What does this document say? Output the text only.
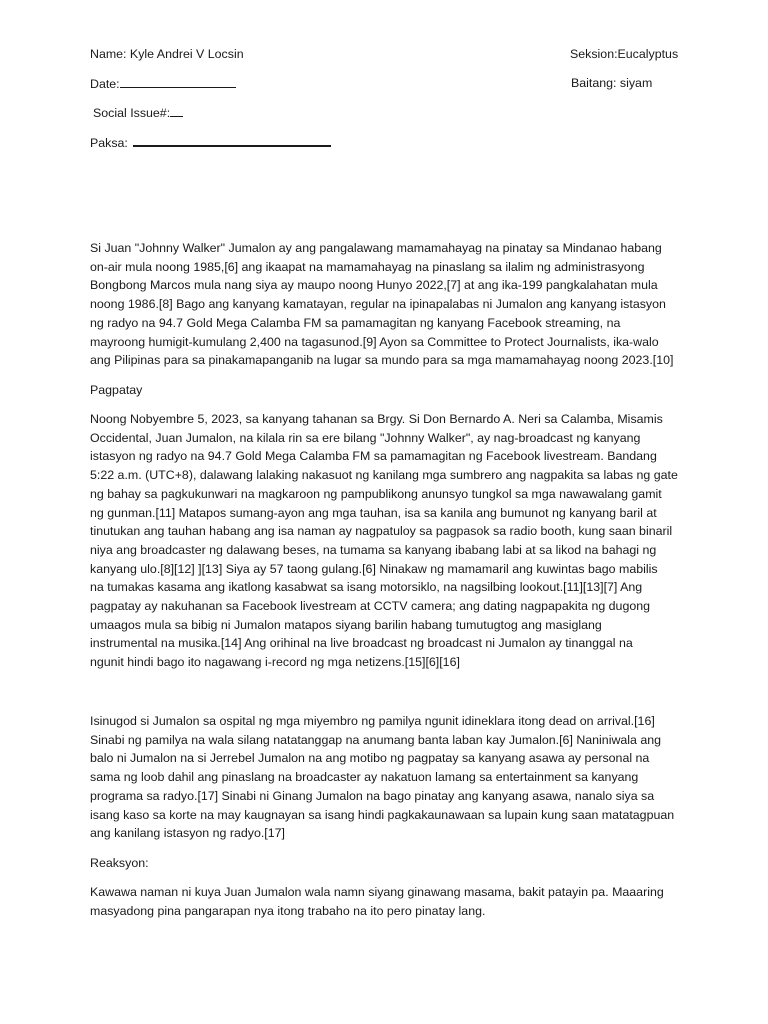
Name: Kyle Andrei V Locsin	Seksion:Eucalyptus
Date:	Baitang: siyam
Social Issue#:
Paksa:

Si Juan "Johnny Walker" Jumalon ay ang pangalawang mamamahayag na pinatay sa Mindanao habang

on-air mula noong 1985,[6] ang ikaapat na mamamahayag na pinaslang sa ilalim ng administrasyong

Bongbong Marcos mula nang siya ay maupo noong Hunyo 2022,[7] at ang ika-199 pangkalahatan mula

noong 1986.[8] Bago ang kanyang kamatayan, regular na ipinapalabas ni Jumalon ang kanyang istasyon

ng radyo na 94.7 Gold Mega Calamba FM sa pamamagitan ng kanyang Facebook streaming, na

mayroong humigit-kumulang 2,400 na tagasunod.[9] Ayon sa Committee to Protect Journalists, ika-walo

ang Pilipinas para sa pinakamapanganib na lugar sa mundo para sa mga mamamahayag noong 2023.[10]

Pagpatay

Noong Nobyembre 5, 2023, sa kanyang tahanan sa Brgy. Si Don Bernardo A. Neri sa Calamba, Misamis

Occidental, Juan Jumalon, na kilala rin sa ere bilang "Johnny Walker", ay nag-broadcast ng kanyang

istasyon ng radyo na 94.7 Gold Mega Calamba FM sa pamamagitan ng Facebook livestream. Bandang

5:22 a.m. (UTC+8), dalawang lalaking nakasuot ng kanilang mga sumbrero ang nagpakita sa labas ng gate

ng bahay sa pagkukunwari na magkaroon ng pampublikong anunsyo tungkol sa mga nawawalang gamit

ng gunman.[11] Matapos sumang-ayon ang mga tauhan, isa sa kanila ang bumunot ng kanyang baril at

tinutukan ang tauhan habang ang isa naman ay nagpatuloy sa pagpasok sa radio booth, kung saan binaril

niya ang broadcaster ng dalawang beses, na tumama sa kanyang ibabang labi at sa likod na bahagi ng

kanyang ulo.[8][12] ][13] Siya ay 57 taong gulang.[6] Ninakaw ng mamamaril ang kuwintas bago mabilis

na tumakas kasama ang ikatlong kasabwat sa isang motorsiklo, na nagsilbing lookout.[11][13][7] Ang

pagpatay ay nakuhanan sa Facebook livestream at CCTV camera; ang dating nagpapakita ng dugong

umaagos mula sa bibig ni Jumalon matapos siyang barilin habang tumutugtog ang masiglang

instrumental na musika.[14] Ang orihinal na live broadcast ng broadcast ni Jumalon ay tinanggal na

ngunit hindi bago ito nagawang i-record ng mga netizens.[15][6][16]

Isinugod si Jumalon sa ospital ng mga miyembro ng pamilya ngunit idineklara itong dead on arrival.[16]

Sinabi ng pamilya na wala silang natatanggap na anumang banta laban kay Jumalon.[6] Naniniwala ang

balo ni Jumalon na si Jerrebel Jumalon na ang motibo ng pagpatay sa kanyang asawa ay personal na

sama ng loob dahil ang pinaslang na broadcaster ay nakatuon lamang sa entertainment sa kanyang

programa sa radyo.[17] Sinabi ni Ginang Jumalon na bago pinatay ang kanyang asawa, nanalo siya sa

isang kaso sa korte na may kaugnayan sa isang hindi pagkakaunawaan sa lupain kung saan matatagpuan

ang kanilang istasyon ng radyo.[17]

Reaksyon:

Kawawa naman ni kuya Juan Jumalon wala namn siyang ginawang masama, bakit patayin pa. Maaaring

masyadong pina pangarapan nya itong trabaho na ito pero pinatay lang.
